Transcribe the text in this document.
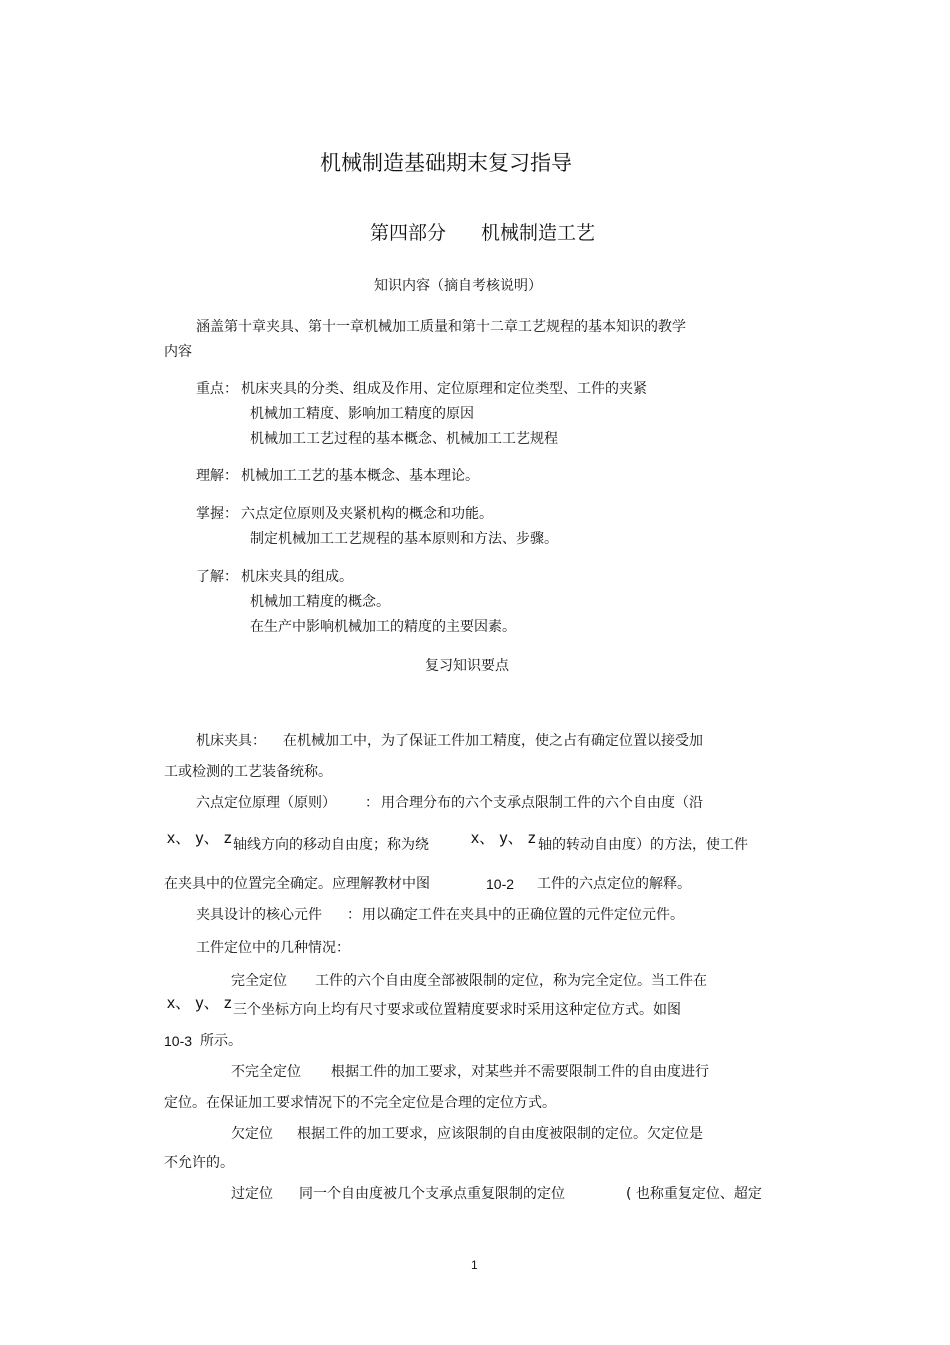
机械制造基础期末复习指导
第四部分 机械制造工艺
知识内容（摘自考核说明）
涵盖第十章夹具、第十一章机械加工质量和第十二章工艺规程的基本知识的教学
内容
重点： 机床夹具的分类、组成及作用、定位原理和定位类型、工件的夹紧
机械加工精度、影响加工精度的原因
机械加工工艺过程的基本概念、机械加工工艺规程
理解： 机械加工工艺的基本概念、基本理论。
掌握： 六点定位原则及夹紧机构的概念和功能。
制定机械加工工艺规程的基本原则和方法、步骤。
了解： 机床夹具的组成。
机械加工精度的概念。
在生产中影响机械加工的精度的主要因素。
复习知识要点
机床夹具： 在机械加工中，为了保证工件加工精度，使之占有确定位置以接受加
工或检测的工艺装备统称。
六点定位原理（原则） ： 用合理分布的六个支承点限制工件的六个自由度（沿
x、 y、 z 轴线方向的移动自由度；称为绕	x、 y、 z 轴的转动自由度）的方法，使工件
在夹具中的位置完全确定。应理解教材中图	10-2 工件的六点定位的解释。
夹具设计的核心元件 ： 用以确定工件在夹具中的正确位置的元件定位元件。
工件定位中的几种情况：
完全定位 工件的六个自由度全部被限制的定位，称为完全定位。当工件在
x、 y、 z 三个坐标方向上均有尺寸要求或位置精度要求时采用这种定位方式。如图
10-3 所示。
不完全定位 根据工件的加工要求，对某些并不需要限制工件的自由度进行
定位。在保证加工要求情况下的不完全定位是合理的定位方式。
欠定位 根据工件的加工要求，应该限制的自由度被限制的定位。欠定位是
不允许的。
过定位 同一个自由度被几个支承点重复限制的定位	( 也称重复定位、超定
1
